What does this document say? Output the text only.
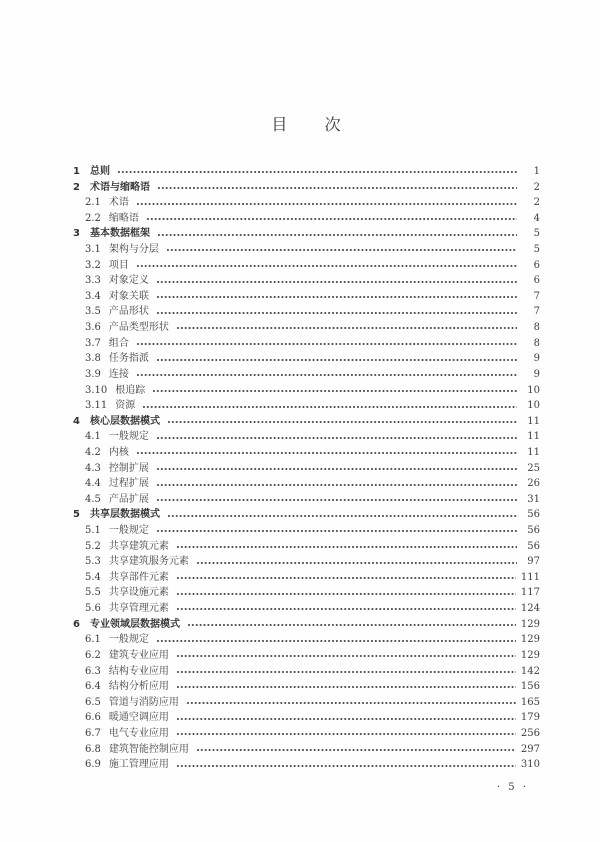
目  次
1 总则	1
2 术语与缩略语	2
2.1 术语	2
2.2 缩略语	4
3 基本数据框架	5
3.1 架构与分层	5
3.2 项目	6
3.3 对象定义	6
3.4 对象关联	7
3.5 产品形状	7
3.6 产品类型形状	8
3.7 组合	8
3.8 任务指派	9
3.9 连接	9
3.10 根追踪	10
3.11 资源	10
4 核心层数据模式	11
4.1 一般规定	11
4.2 内核	11
4.3 控制扩展	25
4.4 过程扩展	26
4.5 产品扩展	31
5 共享层数据模式	56
5.1 一般规定	56
5.2 共享建筑元素	56
5.3 共享建筑服务元素	97
5.4 共享部件元素	111
5.5 共享设施元素	117
5.6 共享管理元素	124
6 专业领域层数据模式	129
6.1 一般规定	129
6.2 建筑专业应用	129
6.3 结构专业应用	142
6.4 结构分析应用	156
6.5 管道与消防应用	165
6.6 暖通空调应用	179
6.7 电气专业应用	256
6.8 建筑智能控制应用	297
6.9 施工管理应用	310
· 5 ·
